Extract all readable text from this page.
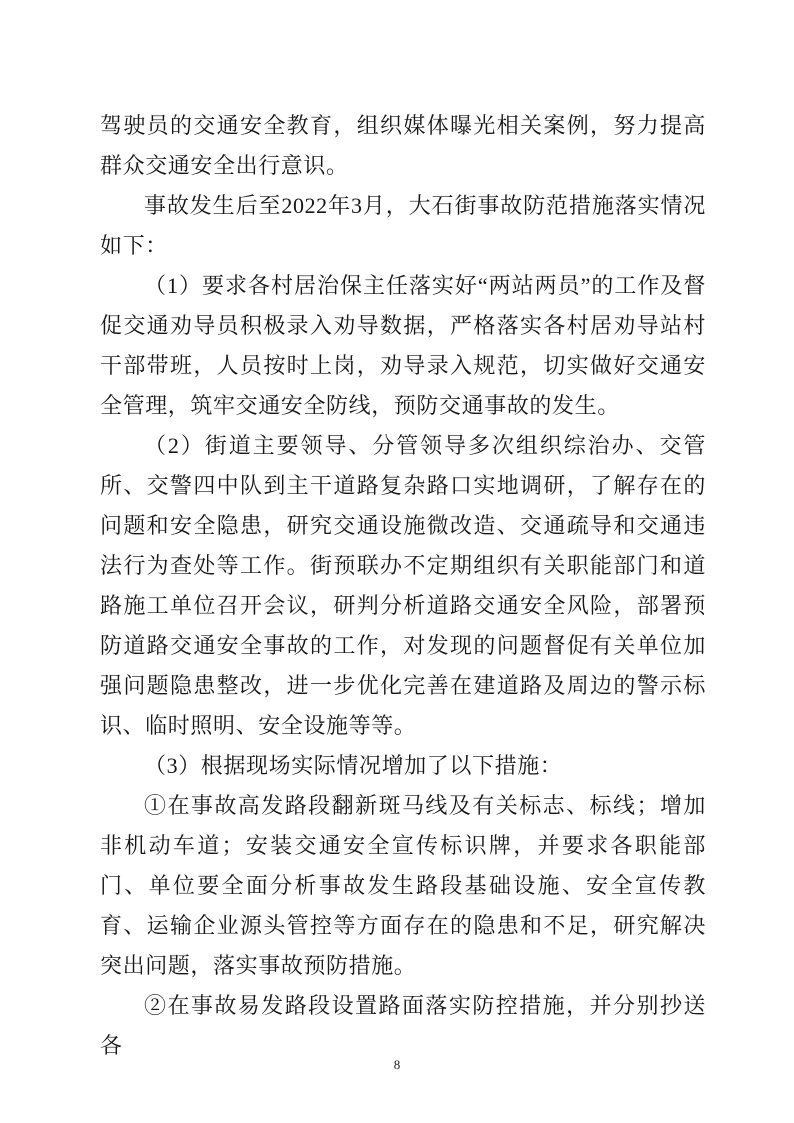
驾驶员的交通安全教育，组织媒体曝光相关案例，努力提高群众交通安全出行意识。

事故发生后至2022年3月，大石街事故防范措施落实情况如下：

（1）要求各村居治保主任落实好“两站两员”的工作及督促交通劝导员积极录入劝导数据，严格落实各村居劝导站村干部带班，人员按时上岗，劝导录入规范，切实做好交通安全管理，筑牢交通安全防线，预防交通事故的发生。

（2）街道主要领导、分管领导多次组织综治办、交管所、交警四中队到主干道路复杂路口实地调研，了解存在的问题和安全隐患，研究交通设施微改造、交通疏导和交通违法行为查处等工作。街预联办不定期组织有关职能部门和道路施工单位召开会议，研判分析道路交通安全风险，部署预防道路交通安全事故的工作，对发现的问题督促有关单位加强问题隐患整改，进一步优化完善在建道路及周边的警示标识、临时照明、安全设施等等。

（3）根据现场实际情况增加了以下措施：

①在事故高发路段翻新斑马线及有关标志、标线；增加非机动车道；安装交通安全宣传标识牌，并要求各职能部门、单位要全面分析事故发生路段基础设施、安全宣传教育、运输企业源头管控等方面存在的隐患和不足，研究解决突出问题，落实事故预防措施。

②在事故易发路段设置路面落实防控措施，并分别抄送各

8
